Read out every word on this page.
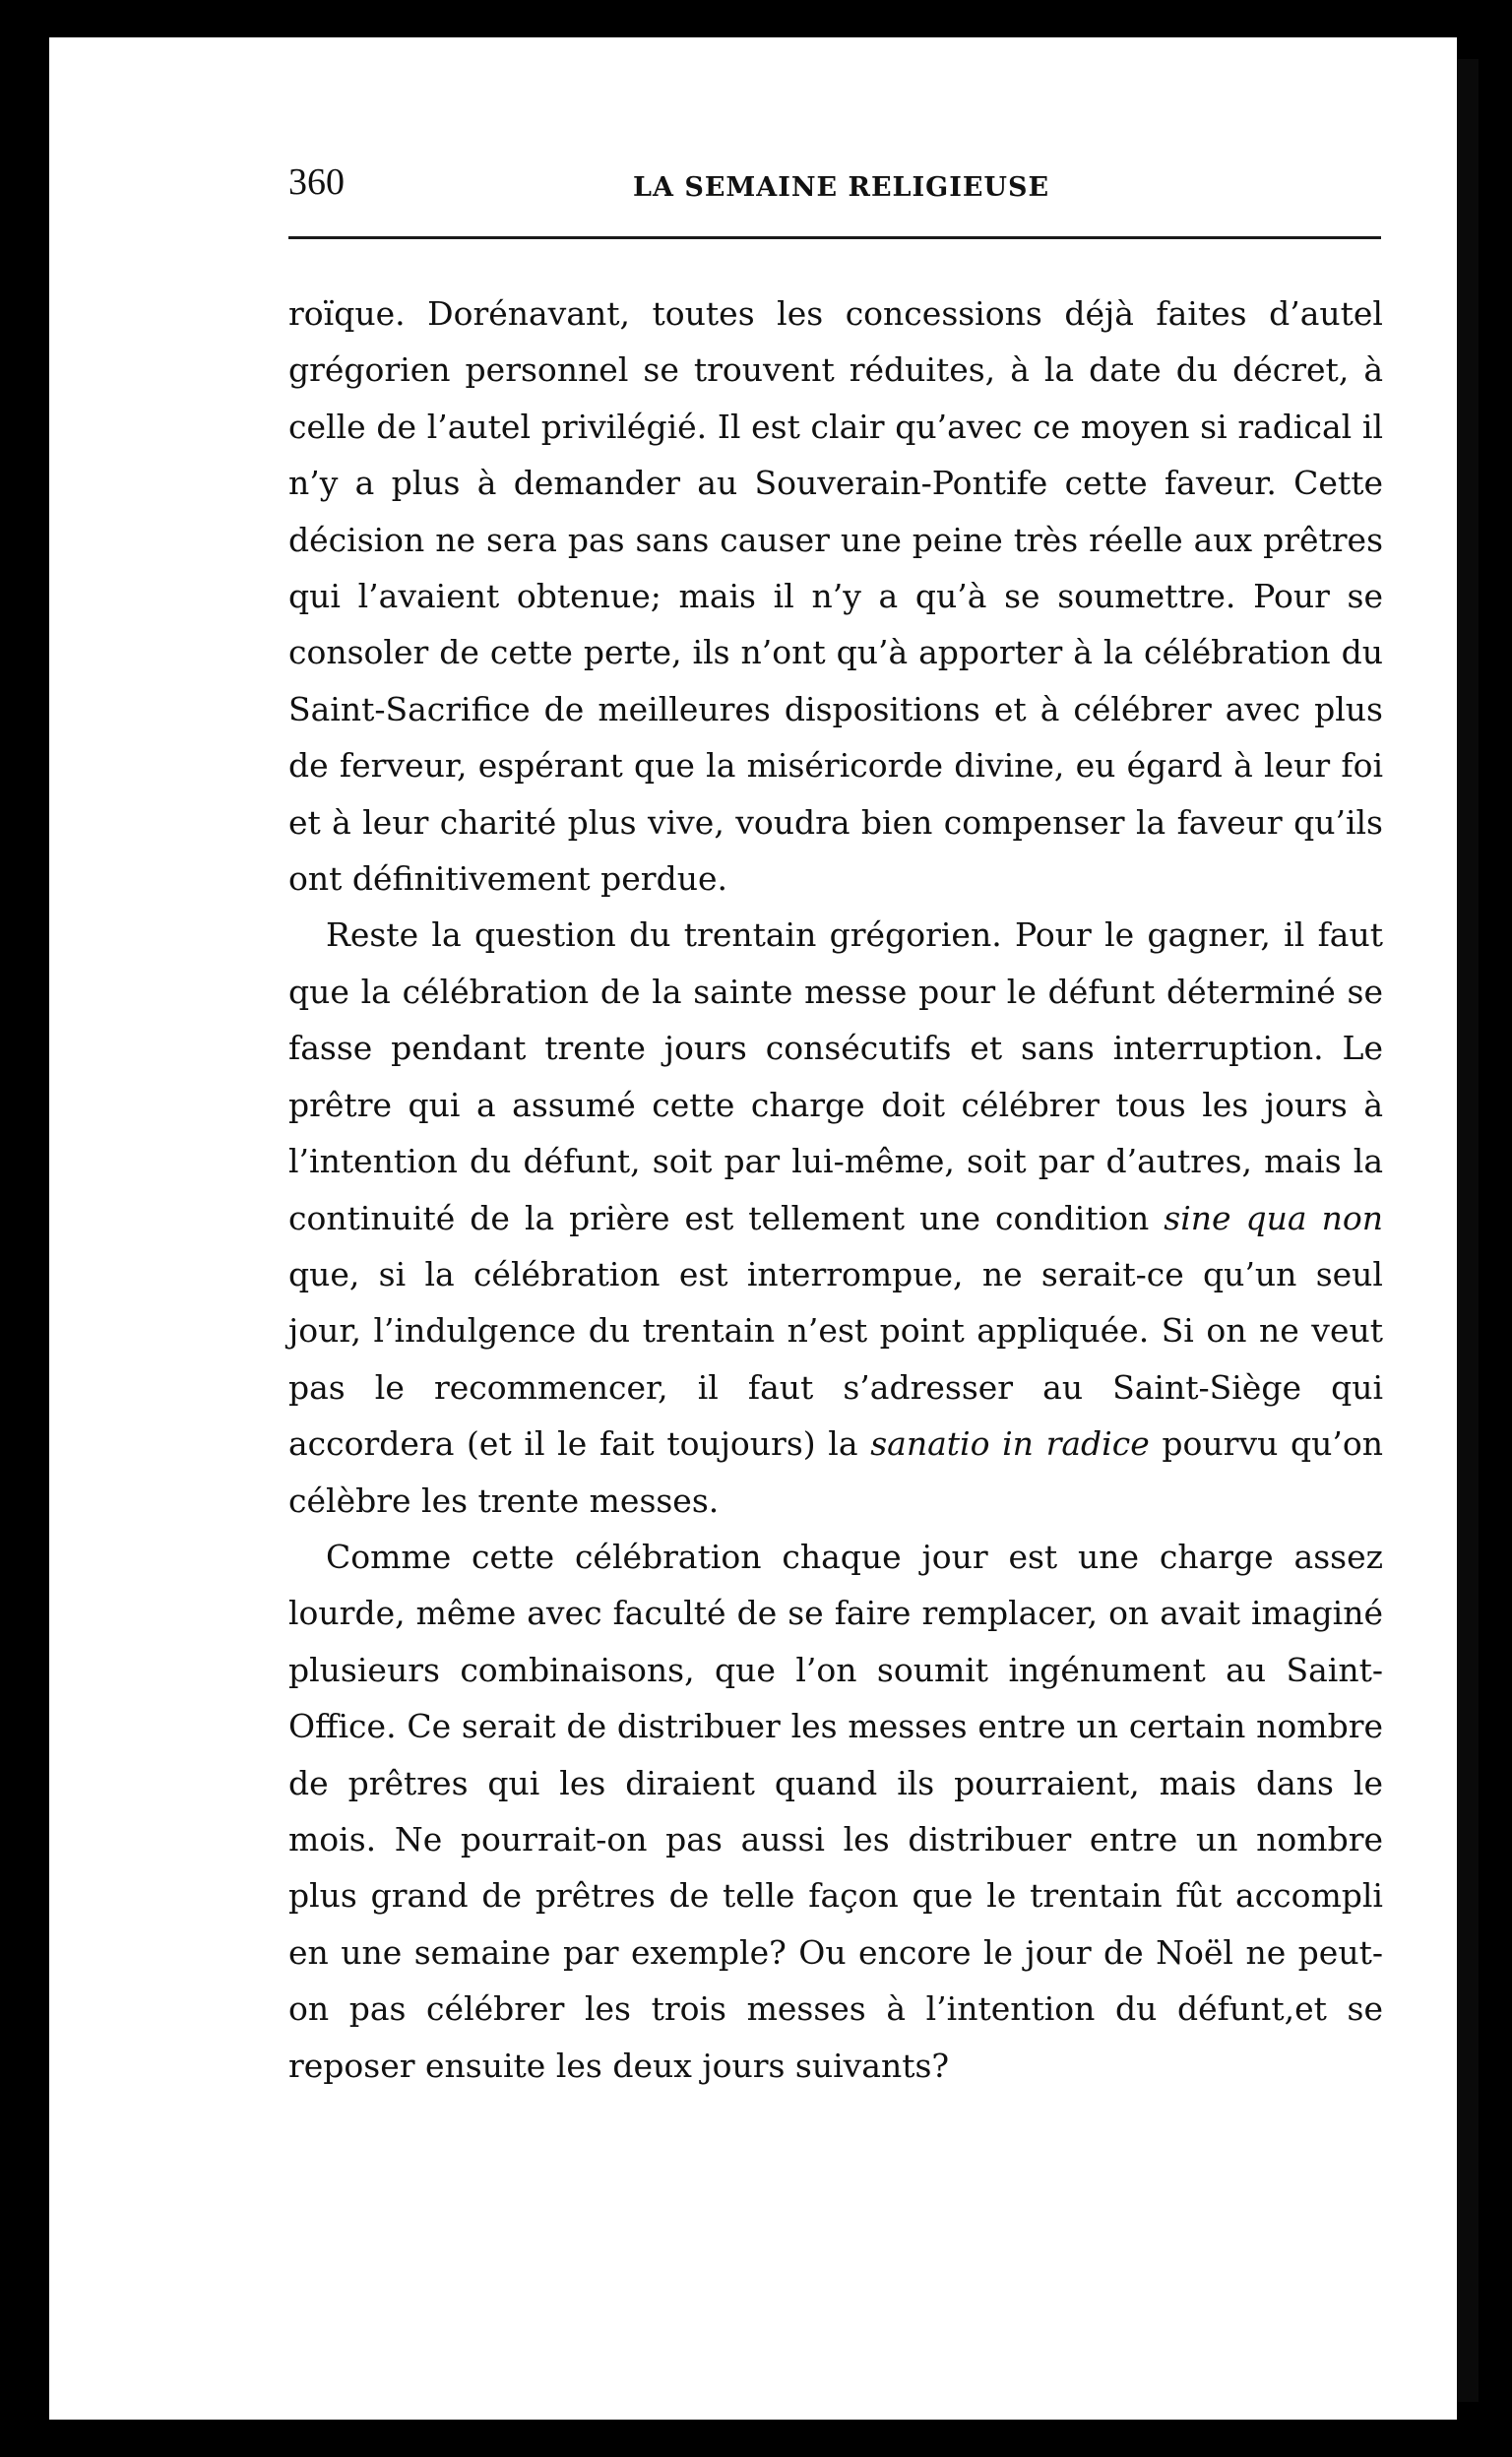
360	LA SEMAINE RELIGIEUSE

roïque. Dorénavant, toutes les concessions déjà faites d’autel grégorien personnel se trouvent réduites, à la date du décret, à celle de l’autel privilégié. Il est clair qu’avec ce moyen si radical il n’y a plus à demander au Souverain-Pontife cette faveur. Cette décision ne sera pas sans causer une peine très réelle aux prêtres qui l’avaient obtenue; mais il n’y a qu’à se soumettre. Pour se consoler de cette perte, ils n’ont qu’à apporter à la célébration du Saint-Sacrifice de meilleures dispositions et à célébrer avec plus de ferveur, espérant que la miséricorde divine, eu égard à leur foi et à leur charité plus vive, voudra bien compenser la faveur qu’ils ont définitivement perdue.

Reste la question du trentain grégorien. Pour le gagner, il faut que la célébration de la sainte messe pour le défunt déterminé se fasse pendant trente jours consécutifs et sans interruption. Le prêtre qui a assumé cette charge doit célébrer tous les jours à l’intention du défunt, soit par lui-même, soit par d’autres, mais la continuité de la prière est tellement une condition sine qua non que, si la célébration est interrompue, ne serait-ce qu’un seul jour, l’indulgence du trentain n’est point appliquée. Si on ne veut pas le recommencer, il faut s’adresser au Saint-Siège qui accordera (et il le fait toujours) la sanatio in radice pourvu qu’on célèbre les trente messes.

Comme cette célébration chaque jour est une charge assez lourde, même avec faculté de se faire remplacer, on avait imaginé plusieurs combinaisons, que l’on soumit ingénument au Saint-Office. Ce serait de distribuer les messes entre un certain nombre de prêtres qui les diraient quand ils pourraient, mais dans le mois. Ne pourrait-on pas aussi les distribuer entre un nombre plus grand de prêtres de telle façon que le trentain fût accompli en une semaine par exemple? Ou encore le jour de Noël ne peut-on pas célébrer les trois messes à l’intention du défunt,et se reposer ensuite les deux jours suivants?
